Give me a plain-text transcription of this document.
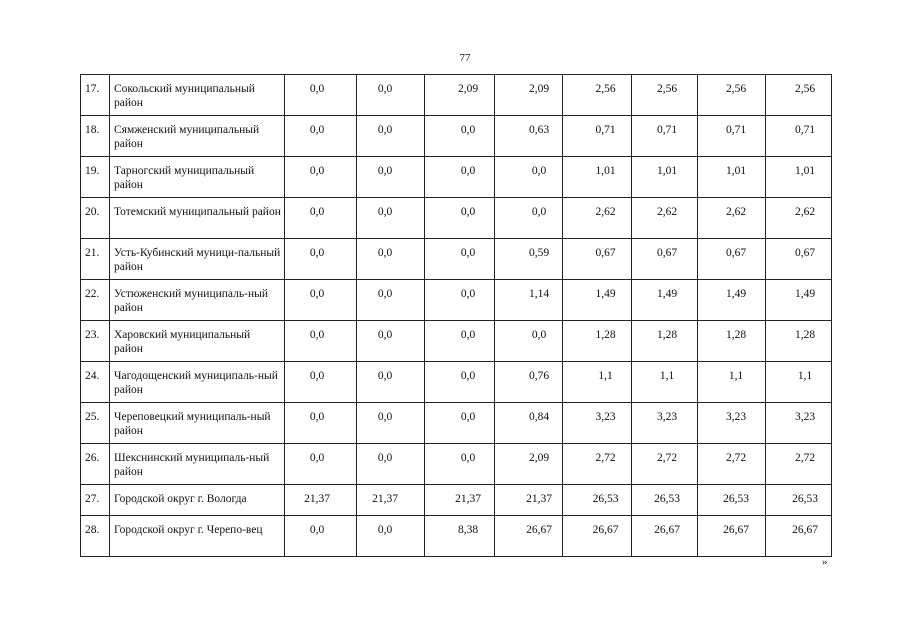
77
17.	Сокольский муниципальный район	0,0	0,0	2,09	2,09	2,56	2,56	2,56	2,56
18.	Сямженский муниципальный район	0,0	0,0	0,0	0,63	0,71	0,71	0,71	0,71
19.	Тарногский муниципальный район	0,0	0,0	0,0	0,0	1,01	1,01	1,01	1,01
20.	Тотемский муниципальный район	0,0	0,0	0,0	0,0	2,62	2,62	2,62	2,62
21.	Усть-Кубинский муници-пальный район	0,0	0,0	0,0	0,59	0,67	0,67	0,67	0,67
22.	Устюженский муниципаль-ный район	0,0	0,0	0,0	1,14	1,49	1,49	1,49	1,49
23.	Харовский муниципальный район	0,0	0,0	0,0	0,0	1,28	1,28	1,28	1,28
24.	Чагодощенский муниципаль-ный район	0,0	0,0	0,0	0,76	1,1	1,1	1,1	1,1
25.	Череповецкий муниципаль-ный район	0,0	0,0	0,0	0,84	3,23	3,23	3,23	3,23
26.	Шекснинский муниципаль-ный район	0,0	0,0	0,0	2,09	2,72	2,72	2,72	2,72
27.	Городской округ г. Вологда	21,37	21,37	21,37	21,37	26,53	26,53	26,53	26,53
28.	Городской округ г. Черепо-вец	0,0	0,0	8,38	26,67	26,67	26,67	26,67	26,67
»
